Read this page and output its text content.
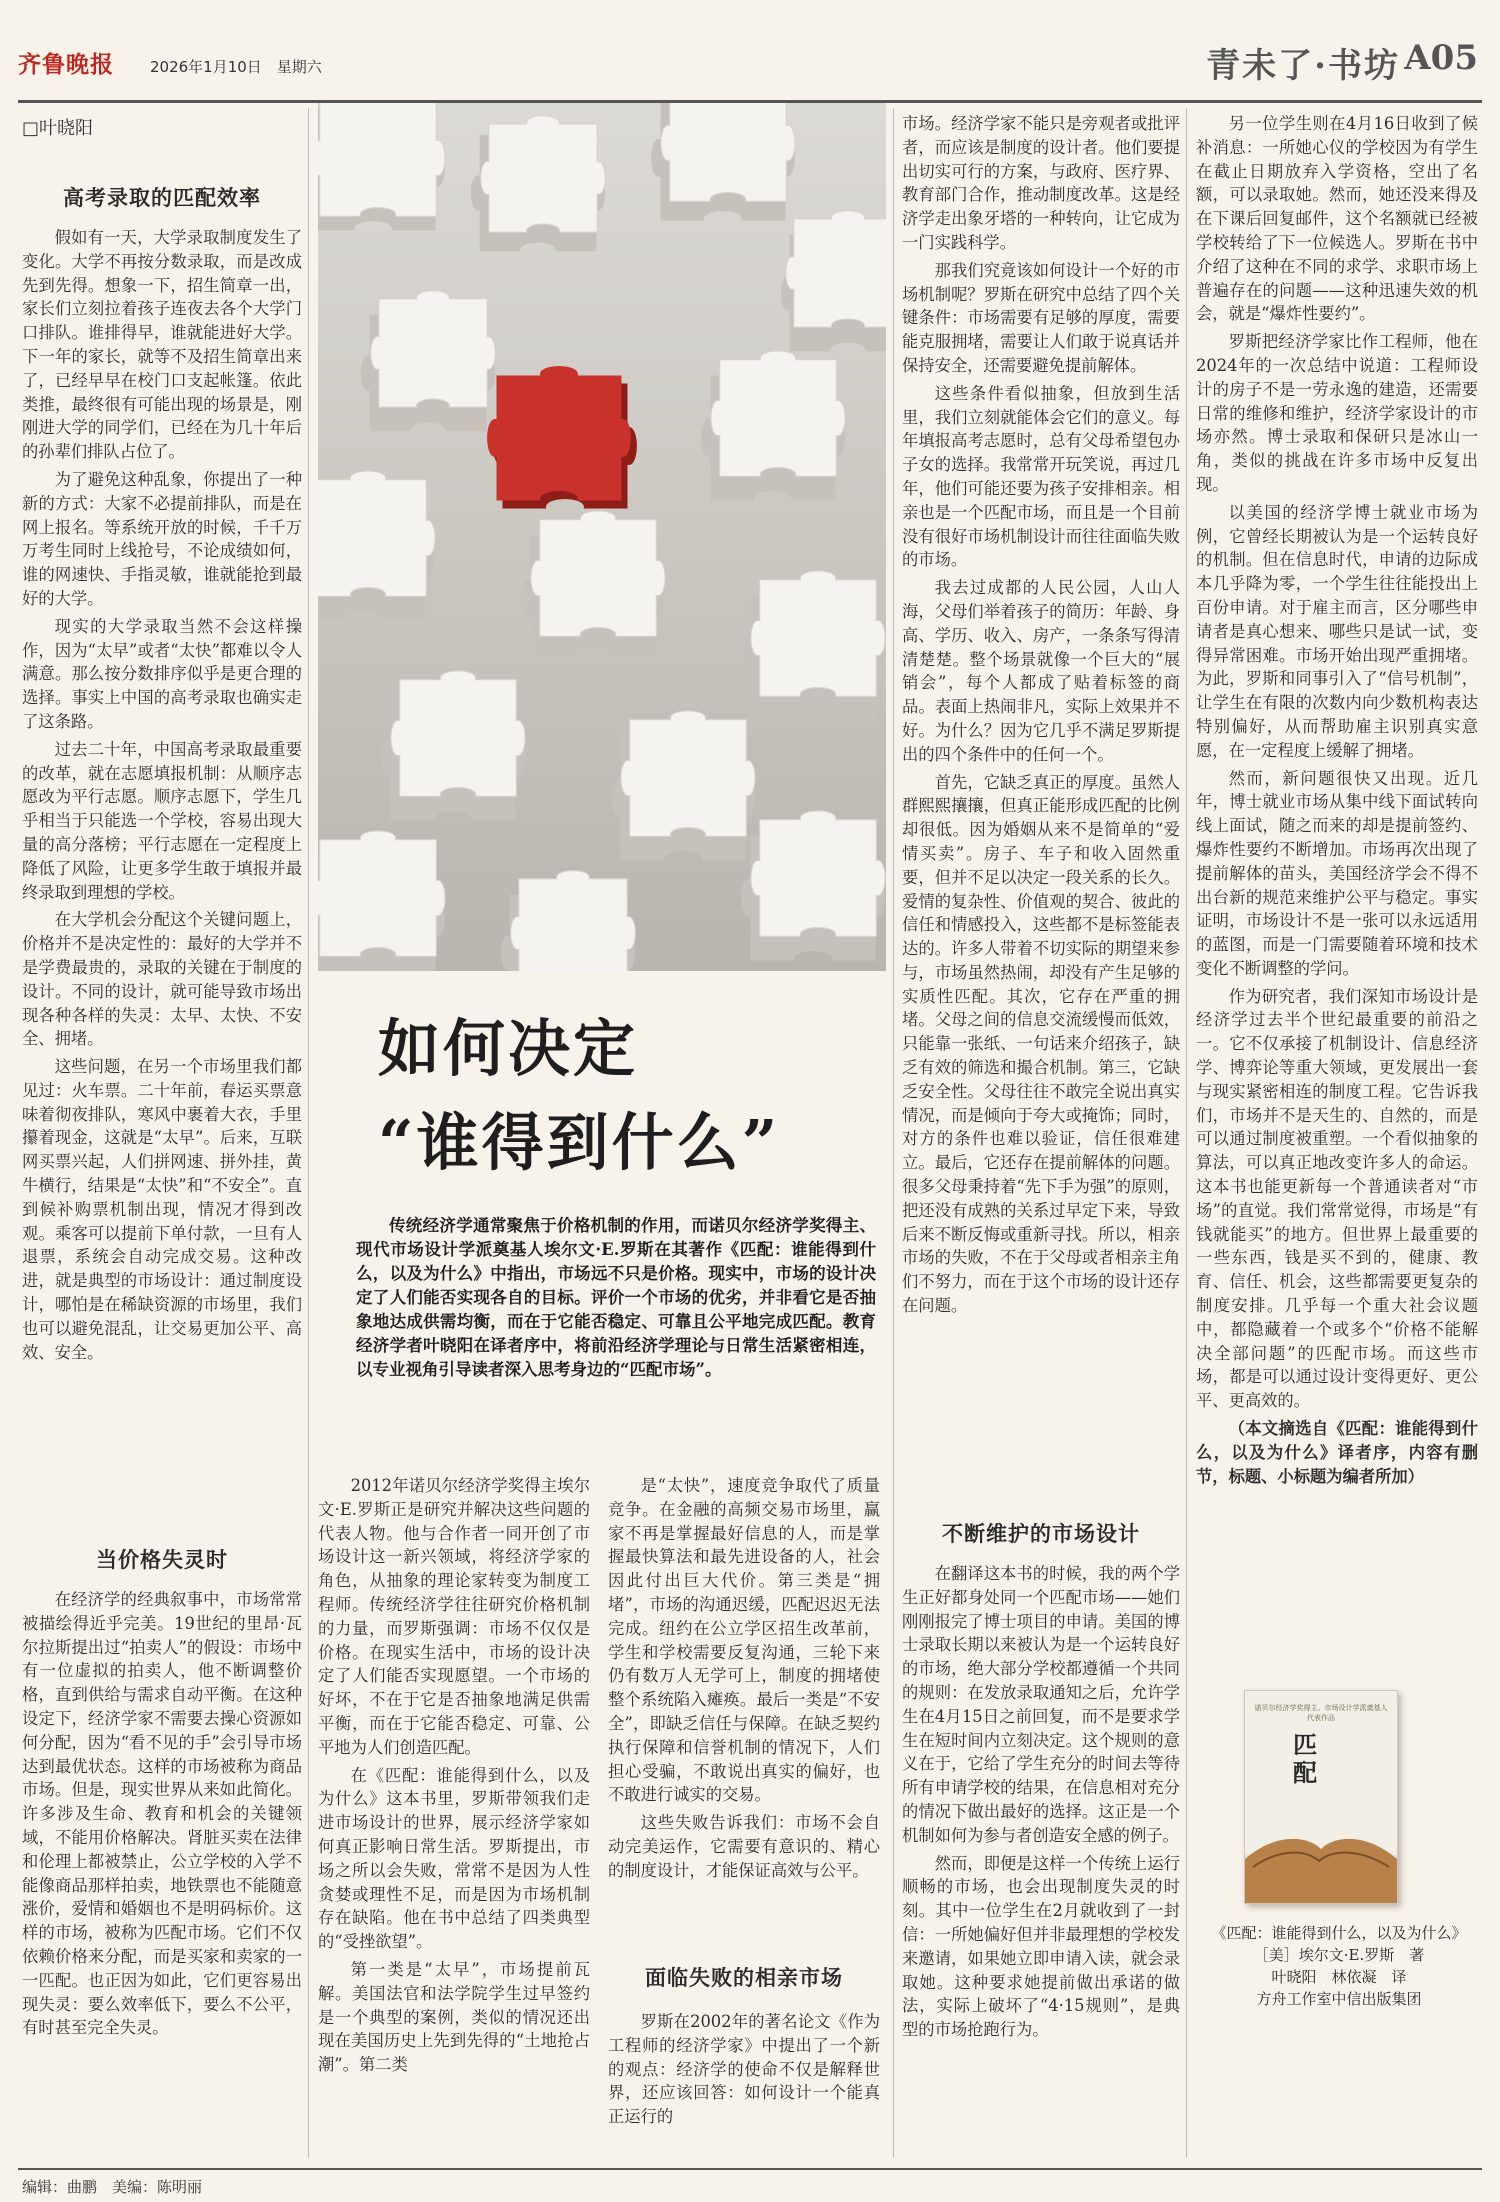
齐鲁晚报 2026年1月10日　星期六	青未了·书坊 A05
□叶晓阳
高考录取的匹配效率

假如有一天，大学录取制度发生了变化。大学不再按分数录取，而是改成先到先得。想象一下，招生简章一出，家长们立刻拉着孩子连夜去各个大学门口排队。谁排得早，谁就能进好大学。下一年的家长，就等不及招生简章出来了，已经早早在校门口支起帐篷。依此类推，最终很有可能出现的场景是，刚刚进大学的同学们，已经在为几十年后的孙辈们排队占位了。

为了避免这种乱象，你提出了一种新的方式：大家不必提前排队，而是在网上报名。等系统开放的时候，千千万万考生同时上线抢号，不论成绩如何，谁的网速快、手指灵敏，谁就能抢到最好的大学。

现实的大学录取当然不会这样操作，因为“太早”或者“太快”都难以令人满意。那么按分数排序似乎是更合理的选择。事实上中国的高考录取也确实走了这条路。

过去二十年，中国高考录取最重要的改革，就在志愿填报机制：从顺序志愿改为平行志愿。顺序志愿下，学生几乎相当于只能选一个学校，容易出现大量的高分落榜；平行志愿在一定程度上降低了风险，让更多学生敢于填报并最终录取到理想的学校。

在大学机会分配这个关键问题上，价格并不是决定性的：最好的大学并不是学费最贵的，录取的关键在于制度的设计。不同的设计，就可能导致市场出现各种各样的失灵：太早、太快、不安全、拥堵。

这些问题，在另一个市场里我们都见过：火车票。二十年前，春运买票意味着彻夜排队，寒风中裹着大衣，手里攥着现金，这就是“太早”。后来，互联网买票兴起，人们拼网速、拼外挂，黄牛横行，结果是“太快”和“不安全”。直到候补购票机制出现，情况才得到改观。乘客可以提前下单付款，一旦有人退票，系统会自动完成交易。这种改进，就是典型的市场设计：通过制度设计，哪怕是在稀缺资源的市场里，我们也可以避免混乱，让交易更加公平、高效、安全。

当价格失灵时

在经济学的经典叙事中，市场常常被描绘得近乎完美。19世纪的里昂·瓦尔拉斯提出过“拍卖人”的假设：市场中有一位虚拟的拍卖人，他不断调整价格，直到供给与需求自动平衡。在这种设定下，经济学家不需要去操心资源如何分配，因为“看不见的手”会引导市场达到最优状态。这样的市场被称为商品市场。但是，现实世界从来如此简化。许多涉及生命、教育和机会的关键领域，不能用价格解决。肾脏买卖在法律和伦理上都被禁止，公立学校的入学不能像商品那样拍卖，地铁票也不能随意涨价，爱情和婚姻也不是明码标价。这样的市场，被称为匹配市场。它们不仅依赖价格来分配，而是买家和卖家的一一匹配。也正因为如此，它们更容易出现失灵：要么效率低下，要么不公平，有时甚至完全失灵。

如何决定
“谁得到什么”

传统经济学通常聚焦于价格机制的作用，而诺贝尔经济学奖得主、现代市场设计学派奠基人埃尔文·E.罗斯在其著作《匹配：谁能得到什么，以及为什么》中指出，市场远不只是价格。现实中，市场的设计决定了人们能否实现各自的目标。评价一个市场的优劣，并非看它是否抽象地达成供需均衡，而在于它能否稳定、可靠且公平地完成匹配。教育经济学者叶晓阳在译者序中，将前沿经济学理论与日常生活紧密相连，以专业视角引导读者深入思考身边的“匹配市场”。

2012年诺贝尔经济学奖得主埃尔文·E.罗斯正是研究并解决这些问题的代表人物。他与合作者一同开创了市场设计这一新兴领域，将经济学家的角色，从抽象的理论家转变为制度工程师。传统经济学往往研究价格机制的力量，而罗斯强调：市场不仅仅是价格。在现实生活中，市场的设计决定了人们能否实现愿望。一个市场的好坏，不在于它是否抽象地满足供需平衡，而在于它能否稳定、可靠、公平地为人们创造匹配。

在《匹配：谁能得到什么，以及为什么》这本书里，罗斯带领我们走进市场设计的世界，展示经济学家如何真正影响日常生活。罗斯提出，市场之所以会失败，常常不是因为人性贪婪或理性不足，而是因为市场机制存在缺陷。他在书中总结了四类典型的“受挫欲望”。

第一类是“太早”，市场提前瓦解。美国法官和法学院学生过早签约是一个典型的案例，类似的情况还出现在美国历史上先到先得的“土地抢占潮”。第二类

是“太快”，速度竞争取代了质量竞争。在金融的高频交易市场里，赢家不再是掌握最好信息的人，而是掌握最快算法和最先进设备的人，社会因此付出巨大代价。第三类是“拥堵”，市场的沟通迟缓，匹配迟迟无法完成。纽约在公立学区招生改革前，学生和学校需要反复沟通，三轮下来仍有数万人无学可上，制度的拥堵使整个系统陷入瘫痪。最后一类是“不安全”，即缺乏信任与保障。在缺乏契约执行保障和信誉机制的情况下，人们担心受骗，不敢说出真实的偏好，也不敢进行诚实的交易。

这些失败告诉我们：市场不会自动完美运作，它需要有意识的、精心的制度设计，才能保证高效与公平。

面临失败的相亲市场

罗斯在2002年的著名论文《作为工程师的经济学家》中提出了一个新的观点：经济学的使命不仅是解释世界，还应该回答：如何设计一个能真正运行的

市场。经济学家不能只是旁观者或批评者，而应该是制度的设计者。他们要提出切实可行的方案，与政府、医疗界、教育部门合作，推动制度改革。这是经济学走出象牙塔的一种转向，让它成为一门实践科学。

那我们究竟该如何设计一个好的市场机制呢？罗斯在研究中总结了四个关键条件：市场需要有足够的厚度，需要能克服拥堵，需要让人们敢于说真话并保持安全，还需要避免提前解体。

这些条件看似抽象，但放到生活里，我们立刻就能体会它们的意义。每年填报高考志愿时，总有父母希望包办子女的选择。我常常开玩笑说，再过几年，他们可能还要为孩子安排相亲。相亲也是一个匹配市场，而且是一个目前没有很好市场机制设计而往往面临失败的市场。

我去过成都的人民公园，人山人海，父母们举着孩子的简历：年龄、身高、学历、收入、房产，一条条写得清清楚楚。整个场景就像一个巨大的“展销会”，每个人都成了贴着标签的商品。表面上热闹非凡，实际上效果并不好。为什么？因为它几乎不满足罗斯提出的四个条件中的任何一个。

首先，它缺乏真正的厚度。虽然人群熙熙攘攘，但真正能形成匹配的比例却很低。因为婚姻从来不是简单的“爱情买卖”。房子、车子和收入固然重要，但并不足以决定一段关系的长久。爱情的复杂性、价值观的契合、彼此的信任和情感投入，这些都不是标签能表达的。许多人带着不切实际的期望来参与，市场虽然热闹，却没有产生足够的实质性匹配。其次，它存在严重的拥堵。父母之间的信息交流缓慢而低效，只能靠一张纸、一句话来介绍孩子，缺乏有效的筛选和撮合机制。第三，它缺乏安全性。父母往往不敢完全说出真实情况，而是倾向于夸大或掩饰；同时，对方的条件也难以验证，信任很难建立。最后，它还存在提前解体的问题。很多父母秉持着“先下手为强”的原则，把还没有成熟的关系过早定下来，导致后来不断反悔或重新寻找。所以，相亲市场的失败，不在于父母或者相亲主角们不努力，而在于这个市场的设计还存在问题。

不断维护的市场设计

在翻译这本书的时候，我的两个学生正好都身处同一个匹配市场——她们刚刚报完了博士项目的申请。美国的博士录取长期以来被认为是一个运转良好的市场，绝大部分学校都遵循一个共同的规则：在发放录取通知之后，允许学生在4月15日之前回复，而不是要求学生在短时间内立刻决定。这个规则的意义在于，它给了学生充分的时间去等待所有申请学校的结果，在信息相对充分的情况下做出最好的选择。这正是一个机制如何为参与者创造安全感的例子。

然而，即便是这样一个传统上运行顺畅的市场，也会出现制度失灵的时刻。其中一位学生在2月就收到了一封信：一所她偏好但并非最理想的学校发来邀请，如果她立即申请入读，就会录取她。这种要求她提前做出承诺的做法，实际上破坏了“4·15规则”，是典型的市场抢跑行为。

另一位学生则在4月16日收到了候补消息：一所她心仪的学校因为有学生在截止日期放弃入学资格，空出了名额，可以录取她。然而，她还没来得及在下课后回复邮件，这个名额就已经被学校转给了下一位候选人。罗斯在书中介绍了这种在不同的求学、求职市场上普遍存在的问题——这种迅速失效的机会，就是“爆炸性要约”。

罗斯把经济学家比作工程师，他在2024年的一次总结中说道：工程师设计的房子不是一劳永逸的建造，还需要日常的维修和维护，经济学家设计的市场亦然。博士录取和保研只是冰山一角，类似的挑战在许多市场中反复出现。

以美国的经济学博士就业市场为例，它曾经长期被认为是一个运转良好的机制。但在信息时代，申请的边际成本几乎降为零，一个学生往往能投出上百份申请。对于雇主而言，区分哪些申请者是真心想来、哪些只是试一试，变得异常困难。市场开始出现严重拥堵。为此，罗斯和同事引入了“信号机制”，让学生在有限的次数内向少数机构表达特别偏好，从而帮助雇主识别真实意愿，在一定程度上缓解了拥堵。

然而，新问题很快又出现。近几年，博士就业市场从集中线下面试转向线上面试，随之而来的却是提前签约、爆炸性要约不断增加。市场再次出现了提前解体的苗头，美国经济学会不得不出台新的规范来维护公平与稳定。事实证明，市场设计不是一张可以永远适用的蓝图，而是一门需要随着环境和技术变化不断调整的学问。

作为研究者，我们深知市场设计是经济学过去半个世纪最重要的前沿之一。它不仅承接了机制设计、信息经济学、博弈论等重大领域，更发展出一套与现实紧密相连的制度工程。它告诉我们，市场并不是天生的、自然的，而是可以通过制度被重塑。一个看似抽象的算法，可以真正地改变许多人的命运。这本书也能更新每一个普通读者对“市场”的直觉。我们常常觉得，市场是“有钱就能买”的地方。但世界上最重要的一些东西，钱是买不到的，健康、教育、信任、机会，这些都需要更复杂的制度安排。几乎每一个重大社会议题中，都隐藏着一个或多个“价格不能解决全部问题”的匹配市场。而这些市场，都是可以通过设计变得更好、更公平、更高效的。

（本文摘选自《匹配：谁能得到什么，以及为什么》译者序，内容有删节，标题、小标题为编者所加）

诺贝尔经济学奖得主、市场设计学派奠基人代表作品
匹配
《匹配：谁能得到什么，以及为什么》
［美］埃尔文·E.罗斯　著
叶晓阳　林依凝　译
方舟工作室中信出版集团
编辑：曲鹏　美编：陈明丽
